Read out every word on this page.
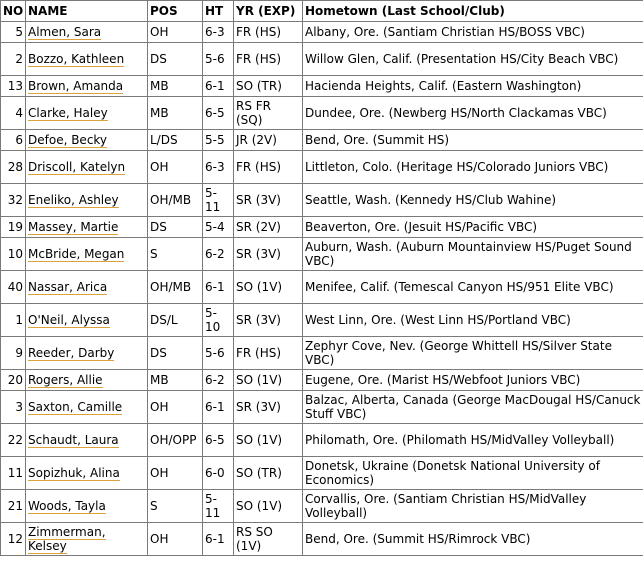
NO	NAME	POS	HT	YR (EXP)	Hometown (Last School/Club)
5	Almen, Sara	OH	6-3	FR (HS)	Albany, Ore. (Santiam Christian HS/BOSS VBC)
2	Bozzo, Kathleen	DS	5-6	FR (HS)	Willow Glen, Calif. (Presentation HS/City Beach VBC)
13	Brown, Amanda	MB	6-1	SO (TR)	Hacienda Heights, Calif. (Eastern Washington)
4	Clarke, Haley	MB	6-5	RS FR (SQ)	Dundee, Ore. (Newberg HS/North Clackamas VBC)
6	Defoe, Becky	L/DS	5-5	JR (2V)	Bend, Ore. (Summit HS)
28	Driscoll, Katelyn	OH	6-3	FR (HS)	Littleton, Colo. (Heritage HS/Colorado Juniors VBC)
32	Eneliko, Ashley	OH/MB	5-11	SR (3V)	Seattle, Wash. (Kennedy HS/Club Wahine)
19	Massey, Martie	DS	5-4	SR (2V)	Beaverton, Ore. (Jesuit HS/Pacific VBC)
10	McBride, Megan	S	6-2	SR (3V)	Auburn, Wash. (Auburn Mountainview HS/Puget Sound VBC)
40	Nassar, Arica	OH/MB	6-1	SO (1V)	Menifee, Calif. (Temescal Canyon HS/951 Elite VBC)
1	O'Neil, Alyssa	DS/L	5-10	SR (3V)	West Linn, Ore. (West Linn HS/Portland VBC)
9	Reeder, Darby	DS	5-6	FR (HS)	Zephyr Cove, Nev. (George Whittell HS/Silver State VBC)
20	Rogers, Allie	MB	6-2	SO (1V)	Eugene, Ore. (Marist HS/Webfoot Juniors VBC)
3	Saxton, Camille	OH	6-1	SR (3V)	Balzac, Alberta, Canada (George MacDougal HS/Canuck Stuff VBC)
22	Schaudt, Laura	OH/OPP	6-5	SO (1V)	Philomath, Ore. (Philomath HS/MidValley Volleyball)
11	Sopizhuk, Alina	OH	6-0	SO (TR)	Donetsk, Ukraine (Donetsk National University of Economics)
21	Woods, Tayla	S	5-11	SO (1V)	Corvallis, Ore. (Santiam Christian HS/MidValley Volleyball)
12	Zimmerman, Kelsey	OH	6-1	RS SO (1V)	Bend, Ore. (Summit HS/Rimrock VBC)
